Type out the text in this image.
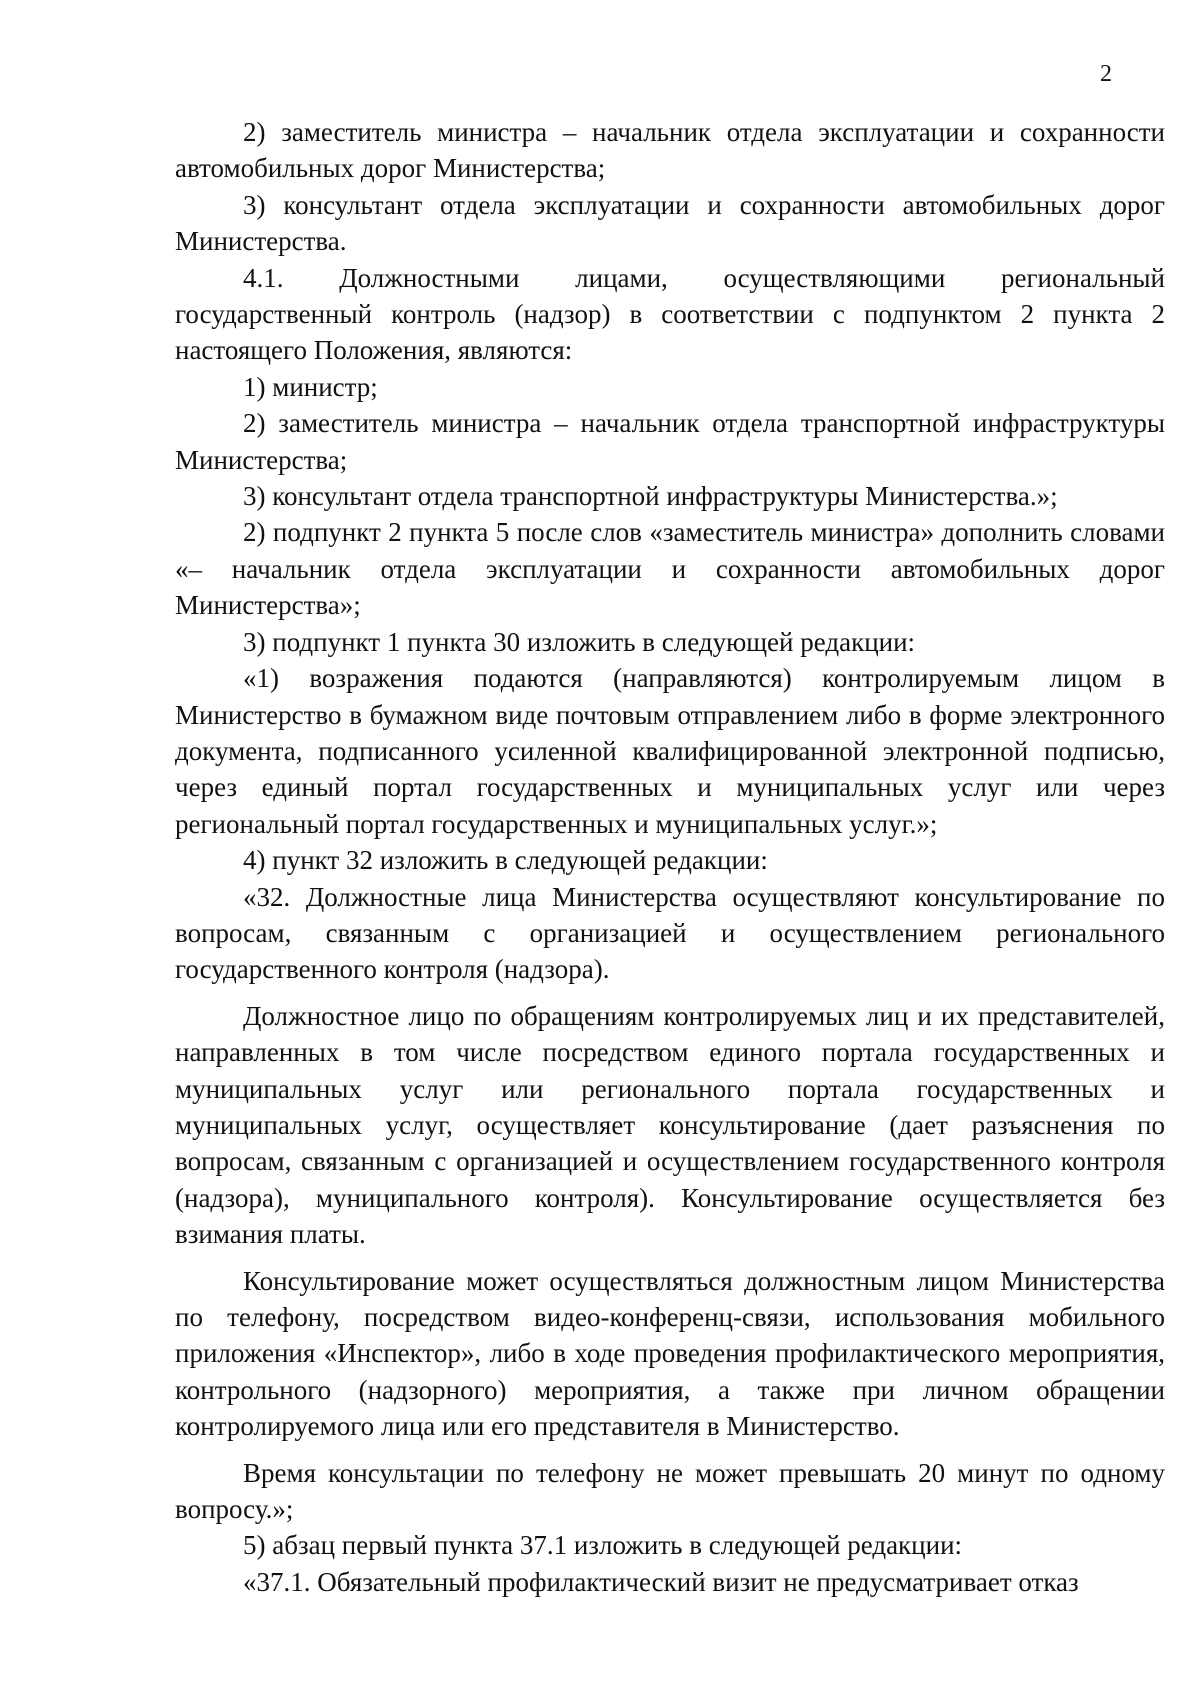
2

2) заместитель министра – начальник отдела эксплуатации и сохранности автомобильных дорог Министерства;

3) консультант отдела эксплуатации и сохранности автомобильных дорог Министерства.

4.1. Должностными лицами, осуществляющими региональный государственный контроль (надзор) в соответствии с подпунктом 2 пункта 2 настоящего Положения, являются:

1) министр;

2) заместитель министра – начальник отдела транспортной инфраструктуры Министерства;

3) консультант отдела транспортной инфраструктуры Министерства.»;

2) подпункт 2 пункта 5 после слов «заместитель министра» дополнить словами «– начальник отдела эксплуатации и сохранности автомобильных дорог Министерства»;

3) подпункт 1 пункта 30 изложить в следующей редакции:

«1) возражения подаются (направляются) контролируемым лицом в Министерство в бумажном виде почтовым отправлением либо в форме электронного документа, подписанного усиленной квалифицированной электронной подписью, через единый портал государственных и муниципальных услуг или через региональный портал государственных и муниципальных услуг.»;

4) пункт 32 изложить в следующей редакции:

«32. Должностные лица Министерства осуществляют консультирование по вопросам, связанным с организацией и осуществлением регионального государственного контроля (надзора).

Должностное лицо по обращениям контролируемых лиц и их представителей, направленных в том числе посредством единого портала государственных и муниципальных услуг или регионального портала государственных и муниципальных услуг, осуществляет консультирование (дает разъяснения по вопросам, связанным с организацией и осуществлением государственного контроля (надзора), муниципального контроля). Консультирование осуществляется без взимания платы.

Консультирование может осуществляться должностным лицом Министерства по телефону, посредством видео-конференц-связи, использования мобильного приложения «Инспектор», либо в ходе проведения профилактического мероприятия, контрольного (надзорного) мероприятия, а также при личном обращении контролируемого лица или его представителя в Министерство.

Время консультации по телефону не может превышать 20 минут по одному вопросу.»;

5) абзац первый пункта 37.1 изложить в следующей редакции:

«37.1. Обязательный профилактический визит не предусматривает отказ
